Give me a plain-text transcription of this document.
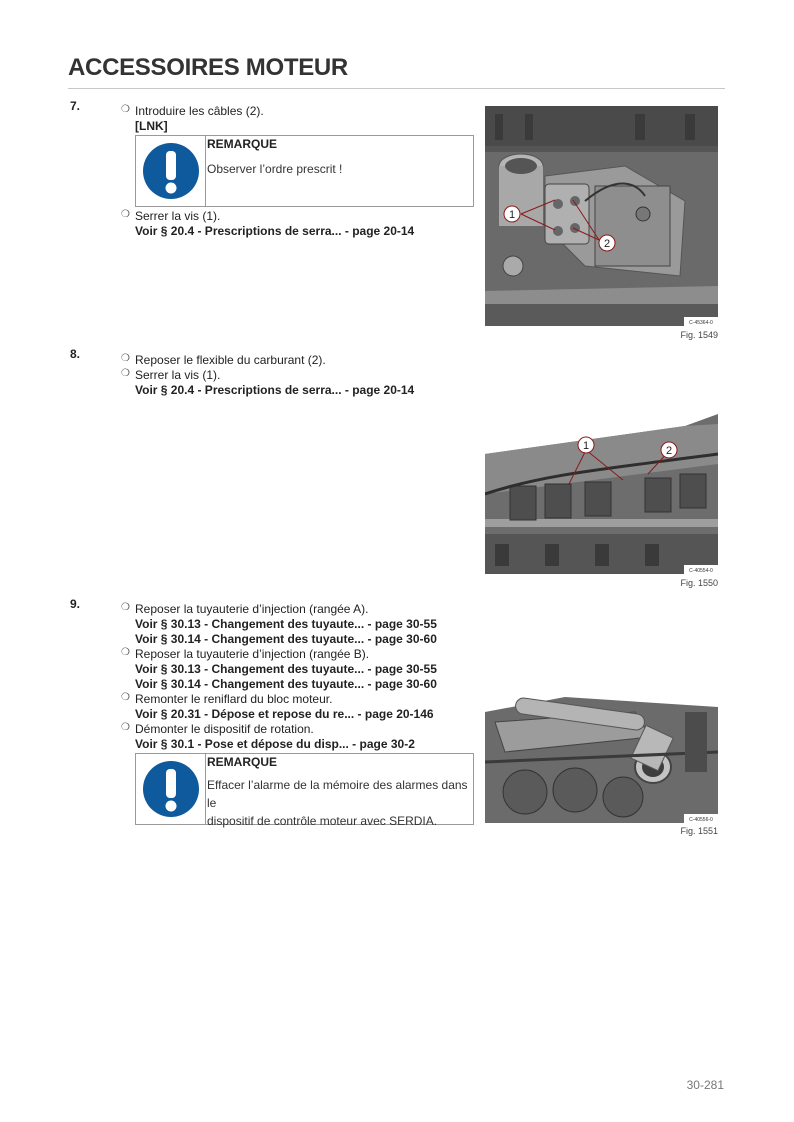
ACCESSOIRES MOTEUR
7.	❍ Introduire les câbles (2).
[LNK]
REMARQUE
Observer l’ordre prescrit !
❍ Serrer la vis (1).
Voir § 20.4 - Prescriptions de serra... - page 20-14
1
2
C-45364-0
Fig. 1549
8.	❍ Reposer le flexible du carburant (2).
❍ Serrer la vis (1).
Voir § 20.4 - Prescriptions de serra... - page 20-14
1	2
C-40554-0
Fig. 1550
9.	❍ Reposer la tuyauterie d’injection (rangée A).
Voir § 30.13 - Changement des tuyaute... - page 30-55
Voir § 30.14 - Changement des tuyaute... - page 30-60
❍ Reposer la tuyauterie d’injection (rangée B).
Voir § 30.13 - Changement des tuyaute... - page 30-55
Voir § 30.14 - Changement des tuyaute... - page 30-60
❍ Remonter le reniflard du bloc moteur.
Voir § 20.31 - Dépose et repose du re... - page 20-146
❍ Démonter le dispositif de rotation.
Voir § 30.1 - Pose et dépose du disp... - page 30-2
REMARQUE
Effacer l’alarme de la mémoire des alarmes dans le
dispositif de contrôle moteur avec SERDIA.	C-40556-0
Fig. 1551
30-281
